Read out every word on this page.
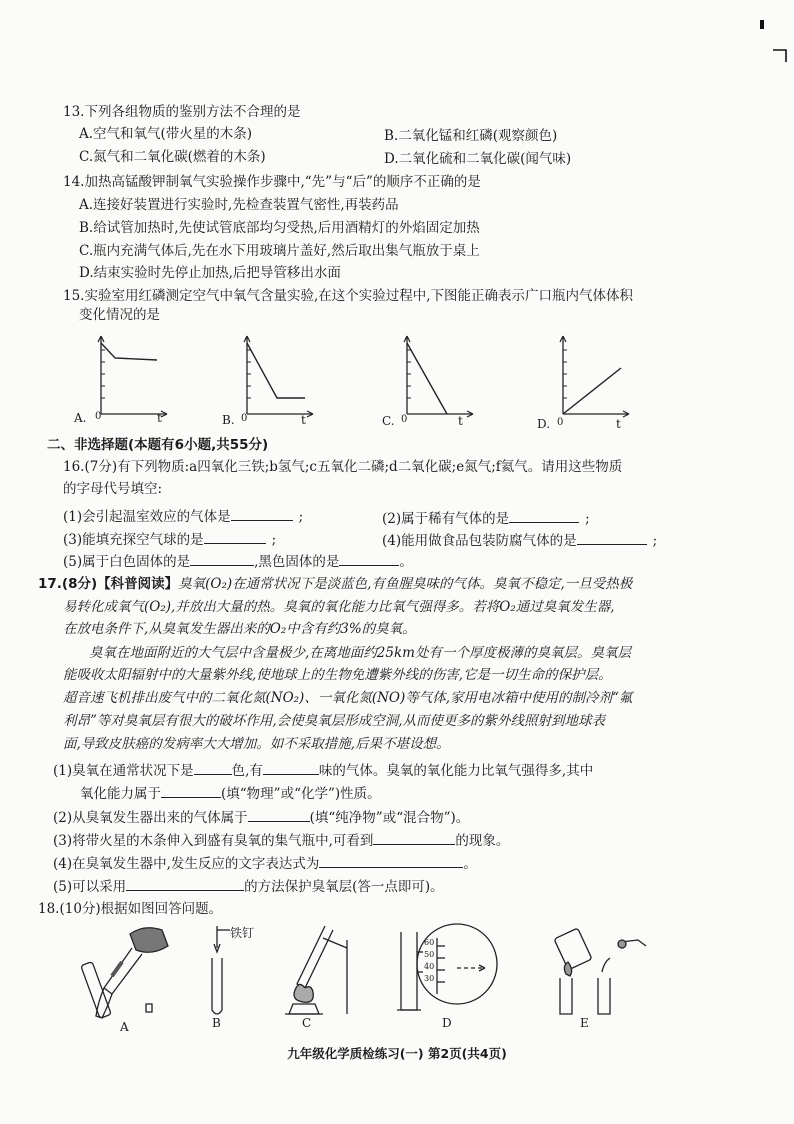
13.下列各组物质的鉴别方法不合理的是
A.空气和氧气(带火星的木条)	B.二氧化锰和红磷(观察颜色)
C.氮气和二氧化碳(燃着的木条)	D.二氧化硫和二氧化碳(闻气味)
14.加热高锰酸钾制氧气实验操作步骤中,“先”与“后”的顺序不正确的是
A.连接好装置进行实验时,先检查装置气密性,再装药品
B.给试管加热时,先使试管底部均匀受热,后用酒精灯的外焰固定加热
C.瓶内充满气体后,先在水下用玻璃片盖好,然后取出集气瓶放于桌上
D.结束实验时先停止加热,后把导管移出水面
15.实验室用红磷测定空气中氧气含量实验,在这个实验过程中,下图能正确表示广口瓶内气体体积
变化情况的是
A. 0	t	B. 0	t	C. 0	t	D. 0	t
二、非选择题(本题有6小题,共55分)
16.(7分)有下列物质:a四氧化三铁;b氢气;c五氧化二磷;d二氧化碳;e氮气;f氦气。请用这些物质
的字母代号填空:
(1)会引起温室效应的气体是	;	(2)属于稀有气体的是	;
(3)能填充探空气球的是	;	(4)能用做食品包装防腐气体的是	;
(5)属于白色固体的是	,黑色固体的是	。
17.(8分)【科普阅读】臭氧(O₂)在通常状况下是淡蓝色,有鱼腥臭味的气体。臭氧不稳定,一旦受热极
易转化成氧气(O₂),并放出大量的热。臭氧的氧化能力比氧气强得多。若将O₂通过臭氧发生器,
在放电条件下,从臭氧发生器出来的O₂中含有约3%的臭氧。
臭氧在地面附近的大气层中含量极少,在离地面约25km处有一个厚度极薄的臭氧层。臭氧层
能吸收太阳辐射中的大量紫外线,使地球上的生物免遭紫外线的伤害,它是一切生命的保护层。
超音速飞机排出废气中的二氧化氮(NO₂)、一氧化氮(NO)等气体,家用电冰箱中使用的制冷剂“氟
利昂”等对臭氧层有很大的破坏作用,会使臭氧层形成空洞,从而使更多的紫外线照射到地球表
面,导致皮肤癌的发病率大大增加。如不采取措施,后果不堪设想。
(1)臭氧在通常状况下是	色,有	味的气体。臭氧的氧化能力比氧气强得多,其中
氧化能力属于	(填“物理”或“化学”)性质。
(2)从臭氧发生器出来的气体属于	(填“纯净物”或“混合物”)。
(3)将带火星的木条伸入到盛有臭氧的集气瓶中,可看到	的现象。
(4)在臭氧发生器中,发生反应的文字表达式为	。
(5)可以采用	的方法保护臭氧层(答一点即可)。
18.(10分)根据如图回答问题。
A
铁钉
B	C
60
50
40
30
D	E
九年级化学质检练习(一) 第2页(共4页)
